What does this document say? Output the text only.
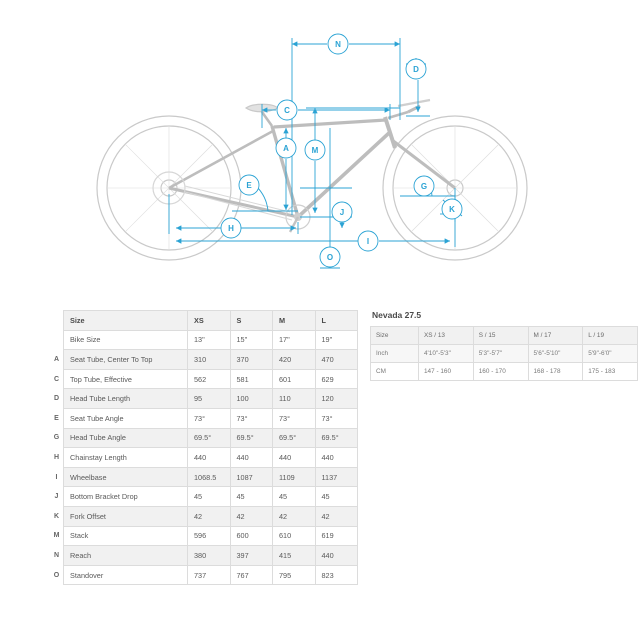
N
D
C
A	M
E	G
K
J
H
I
O
	Size	XS	S	M	L
	Bike Size	13"	15"	17"	19"
A	Seat Tube, Center To Top	310	370	420	470
C	Top Tube, Effective	562	581	601	629
D	Head Tube Length	95	100	110	120
E	Seat Tube Angle	73°	73°	73°	73°
G	Head Tube Angle	69.5°	69.5°	69.5°	69.5°
H	Chainstay Length	440	440	440	440
I	Wheelbase	1068.5	1087	1109	1137
J	Bottom Bracket Drop	45	45	45	45
K	Fork Offset	42	42	42	42
M	Stack	596	600	610	619
N	Reach	380	397	415	440
O	Standover	737	767	795	823
Nevada 27.5
Size	XS / 13	S / 15	M / 17	L / 19
Inch	4'10"-5'3"	5'3"-5'7"	5'6"-5'10"	5'9"-6'0"
CM	147 - 160	160 - 170	168 - 178	175 - 183
